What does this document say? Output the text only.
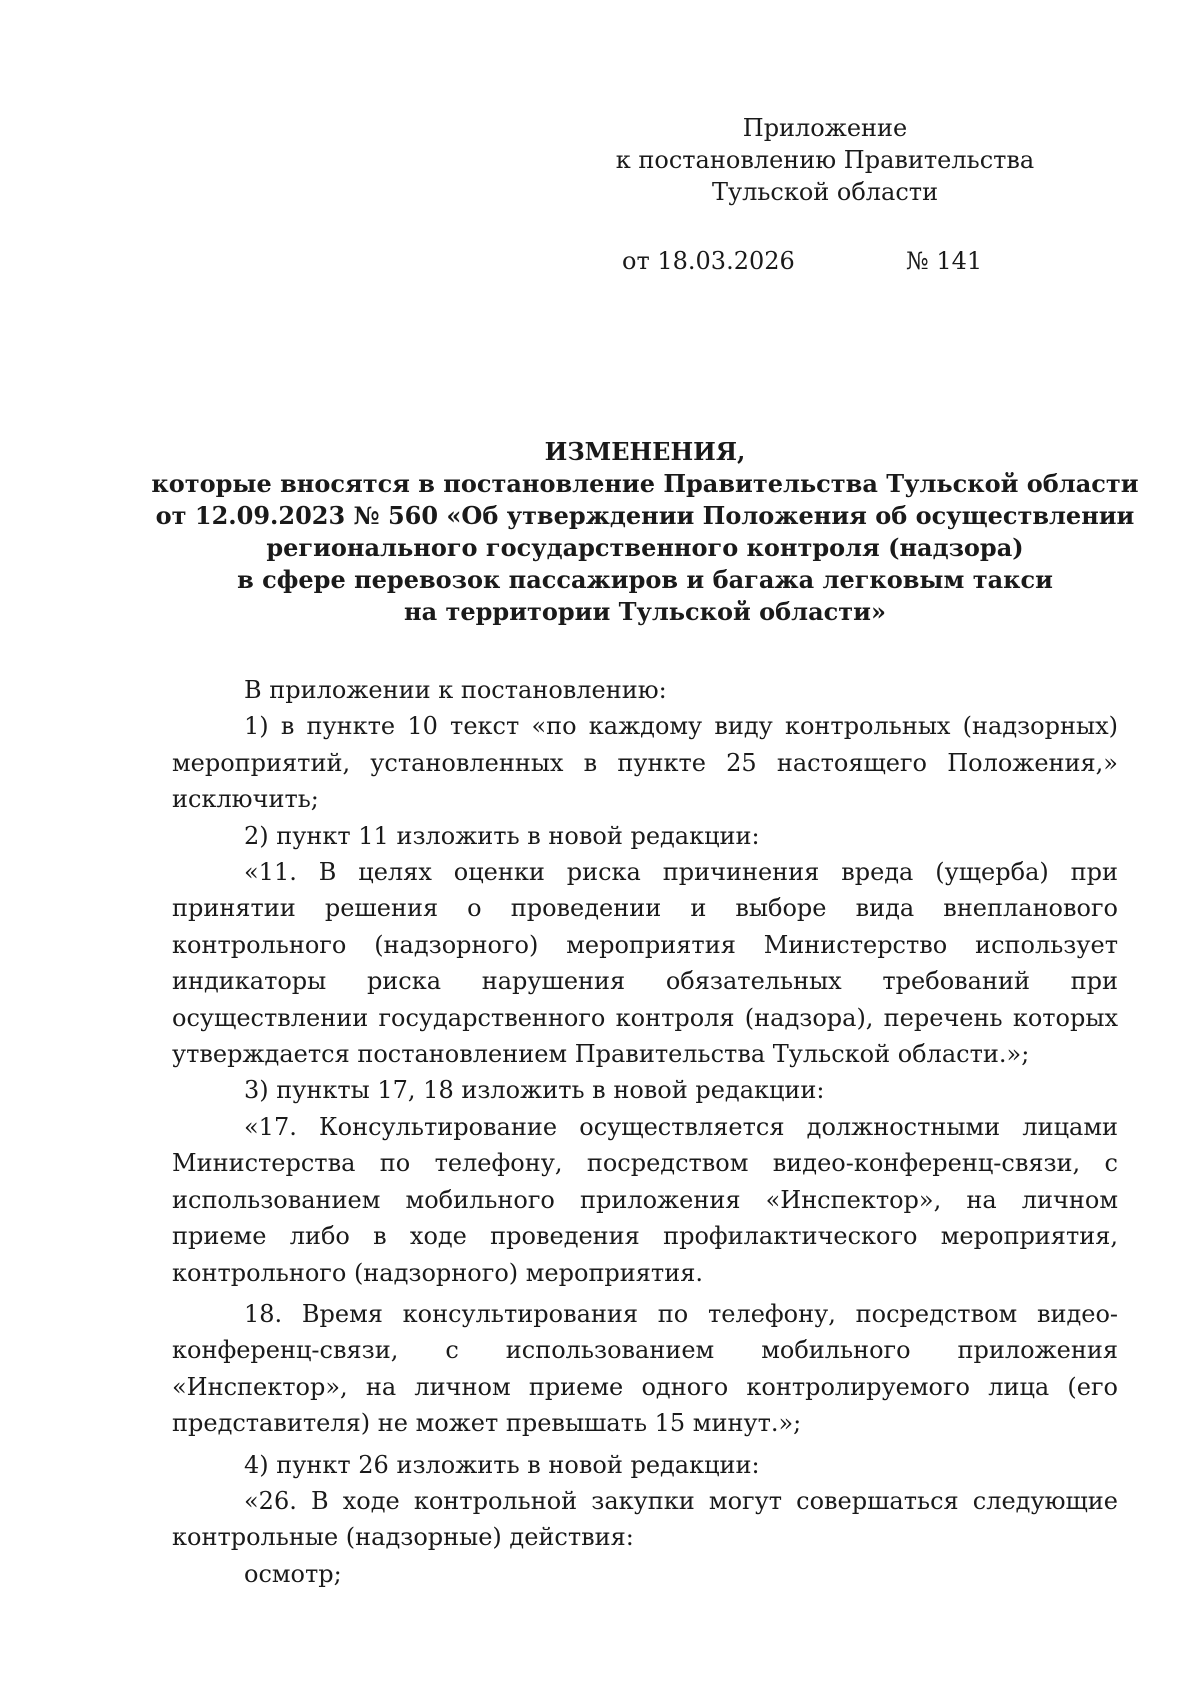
Приложение
к постановлению Правительства
Тульской области
от 18.03.2026	№ 141
ИЗМЕНЕНИЯ,
которые вносятся в постановление Правительства Тульской области
от 12.09.2023 № 560 «Об утверждении Положения об осуществлении
регионального государственного контроля (надзора)
в сфере перевозок пассажиров и багажа легковым такси
на территории Тульской области»

В приложении к постановлению:

1) в пункте 10 текст «по каждому виду контрольных (надзорных) мероприятий, установленных в пункте 25 настоящего Положения,» исключить;

2) пункт 11 изложить в новой редакции:

«11. В целях оценки риска причинения вреда (ущерба) при принятии решения о проведении и выборе вида внепланового контрольного (надзорного) мероприятия Министерство использует индикаторы риска нарушения обязательных требований при осуществлении государственного контроля (надзора), перечень которых утверждается постановлением Правительства Тульской области.»;

3) пункты 17, 18 изложить в новой редакции:

«17. Консультирование осуществляется должностными лицами Министерства по телефону, посредством видео-конференц-связи, с использованием мобильного приложения «Инспектор», на личном приеме либо в ходе проведения профилактического мероприятия, контрольного (надзорного) мероприятия.

18. Время консультирования по телефону, посредством видео-конференц-связи, с использованием мобильного приложения «Инспектор», на личном приеме одного контролируемого лица (его представителя) не может превышать 15 минут.»;

4) пункт 26 изложить в новой редакции:

«26. В ходе контрольной закупки могут совершаться следующие контрольные (надзорные) действия:

осмотр;
